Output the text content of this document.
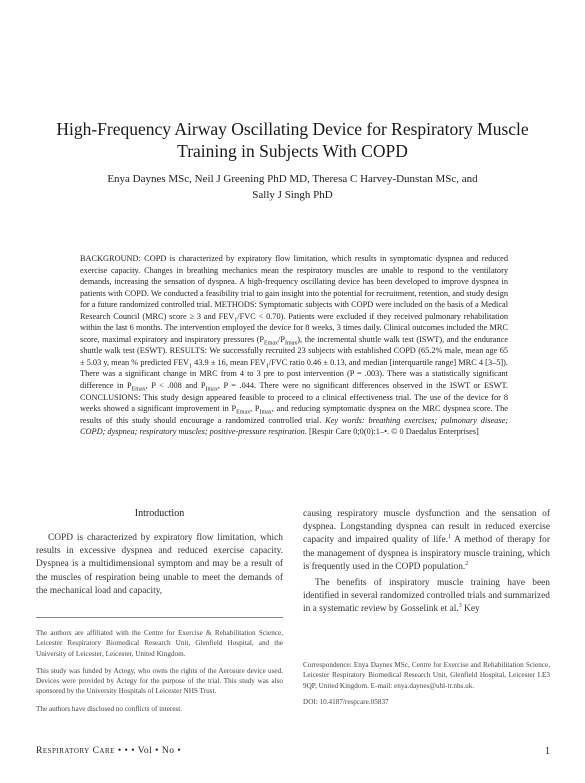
High-Frequency Airway Oscillating Device for Respiratory Muscle Training in Subjects With COPD
Enya Daynes MSc, Neil J Greening PhD MD, Theresa C Harvey-Dunstan MSc, and
Sally J Singh PhD
BACKGROUND: COPD is characterized by expiratory flow limitation, which results in symptomatic dyspnea and reduced exercise capacity. Changes in breathing mechanics mean the respiratory muscles are unable to respond to the ventilatory demands, increasing the sensation of dyspnea. A high-frequency oscillating device has been developed to improve dyspnea in patients with COPD. We conducted a feasibility trial to gain insight into the potential for recruitment, retention, and study design for a future randomized controlled trial. METHODS: Symptomatic subjects with COPD were included on the basis of a Medical Research Council (MRC) score ≥ 3 and $FEV_1$/FVC < 0.70). Patients were excluded if they received pulmonary rehabilitation within the last 6 months. The intervention employed the device for 8 weeks, 3 times daily. Clinical outcomes included the MRC score, maximal expiratory and inspiratory pressures $(P_{Emax}/P_{Imax})$, the incremental shuttle walk test (ISWT), and the endurance shuttle walk test (ESWT). RESULTS: We successfully recruited 23 subjects with established COPD (65.2% male, mean age 65 ± 5.03 y, mean % predicted $FEV_1$ 43.9 ± 16, mean $FEV_1$/FVC ratio 0.46 ± 0.13, and median [interquartile range] MRC 4 [3–5]). There was a significant change in MRC from 4 to 3 pre to post intervention (P = .003). There was a statistically significant difference in $P_{Emax}$, P < .008 and $P_{Imax}$, P = .044. There were no significant differences observed in the ISWT or ESWT. CONCLUSIONS: This study design appeared feasible to proceed to a clinical effectiveness trial. The use of the device for 8 weeks showed a significant improvement in $P_{Emax}$, $P_{Imax}$, and reducing symptomatic dyspnea on the MRC dyspnea score. The results of this study should encourage a randomized controlled trial. Key words: breathing exercises; pulmonary disease; COPD; dyspnea; respiratory muscles; positive-pressure respiration. [Respir Care 0;0(0):1–•. © 0 Daedalus Enterprises]
Introduction

COPD is characterized by expiratory flow limitation, which results in excessive dyspnea and reduced exercise capacity. Dyspnea is a multidimensional symptom and may be a result of the muscles of respiration being unable to meet the demands of the mechanical load and capacity,

The authors are affiliated with the Centre for Exercise & Rehabilitation Science, Leicester Respiratory Biomedical Research Unit, Glenfield Hospital, and the University of Leicester, Leicester, United Kingdom.

This study was funded by Actegy, who owns the rights of the Aerosure device used. Devices were provided by Actegy for the purpose of the trial. This study was also sponsored by the University Hospitals of Leicester NHS Trust.

The authors have disclosed no conflicts of interest.

causing respiratory muscle dysfunction and the sensation of dyspnea. Longstanding dyspnea can result in reduced exercise capacity and impaired quality of life.$^1$ A method of therapy for the management of dyspnea is inspiratory muscle training, which is frequently used in the COPD population.$^2$

The benefits of inspiratory muscle training have been identified in several randomized controlled trials and summarized in a systematic review by Gosselink et al.$^3$ Key

Correspondence: Enya Daynes MSc, Centre for Exercise and Rehabilitation Science, Leicester Respiratory Biomedical Research Unit, Glenfield Hospital, Leicester LE3 9QP, United Kingdom. E-mail: enya.daynes@uhl-tr.nhs.uk.

DOI: 10.4187/respcare.05837
Respiratory Care • • • Vol • No •	1
